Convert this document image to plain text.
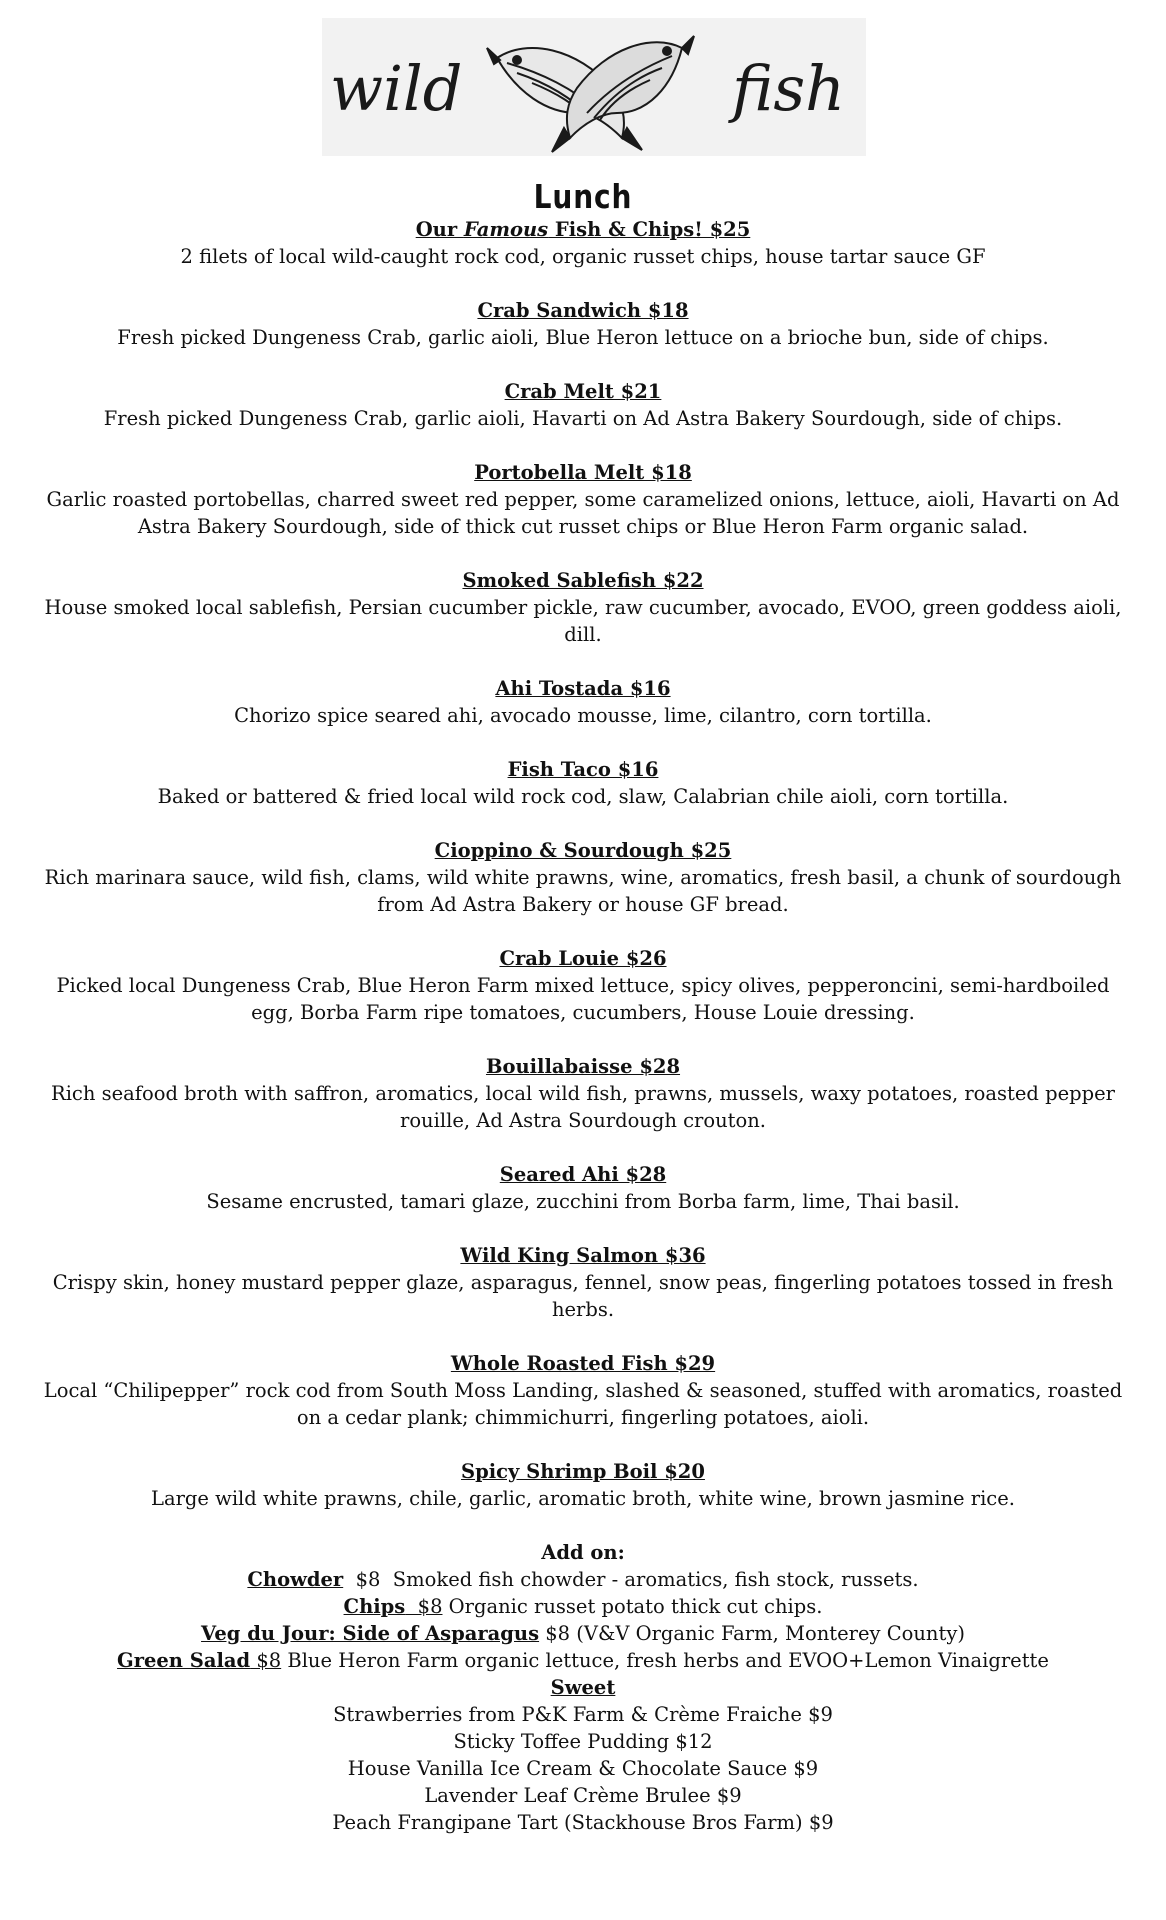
wild	fish
Lunch
Our Famous Fish & Chips! $25
2 filets of local wild-caught rock cod, organic russet chips, house tartar sauce GF
Crab Sandwich $18
Fresh picked Dungeness Crab, garlic aioli, Blue Heron lettuce on a brioche bun, side of chips.
Crab Melt $21
Fresh picked Dungeness Crab, garlic aioli, Havarti on Ad Astra Bakery Sourdough, side of chips.
Portobella Melt $18
Garlic roasted portobellas, charred sweet red pepper, some caramelized onions, lettuce, aioli, Havarti on Ad Astra Bakery Sourdough, side of thick cut russet chips or Blue Heron Farm organic salad.
Smoked Sablefish $22
House smoked local sablefish, Persian cucumber pickle, raw cucumber, avocado, EVOO, green goddess aioli, dill.
Ahi Tostada $16
Chorizo spice seared ahi, avocado mousse, lime, cilantro, corn tortilla.
Fish Taco $16
Baked or battered & fried local wild rock cod, slaw, Calabrian chile aioli, corn tortilla.
Cioppino & Sourdough $25
Rich marinara sauce, wild fish, clams, wild white prawns, wine, aromatics, fresh basil, a chunk of sourdough from Ad Astra Bakery or house GF bread.
Crab Louie $26
Picked local Dungeness Crab, Blue Heron Farm mixed lettuce, spicy olives, pepperoncini, semi-hardboiled egg, Borba Farm ripe tomatoes, cucumbers, House Louie dressing.
Bouillabaisse $28
Rich seafood broth with saffron, aromatics, local wild fish, prawns, mussels, waxy potatoes, roasted pepper rouille, Ad Astra Sourdough crouton.
Seared Ahi $28
Sesame encrusted, tamari glaze, zucchini from Borba farm, lime, Thai basil.
Wild King Salmon $36
Crispy skin, honey mustard pepper glaze, asparagus, fennel, snow peas, fingerling potatoes tossed in fresh herbs.
Whole Roasted Fish $29
Local “Chilipepper” rock cod from South Moss Landing, slashed & seasoned, stuffed with aromatics, roasted on a cedar plank; chimmichurri, fingerling potatoes, aioli.
Spicy Shrimp Boil $20
Large wild white prawns, chile, garlic, aromatic broth, white wine, brown jasmine rice.
Add on:
Chowder  $8  Smoked fish chowder - aromatics, fish stock, russets.
Chips  $8 Organic russet potato thick cut chips.
Veg du Jour: Side of Asparagus $8 (V&V Organic Farm, Monterey County)
Green Salad $8 Blue Heron Farm organic lettuce, fresh herbs and EVOO+Lemon Vinaigrette
Sweet
Strawberries from P&K Farm & Crème Fraiche $9
Sticky Toffee Pudding $12
House Vanilla Ice Cream & Chocolate Sauce $9
Lavender Leaf Crème Brulee $9
Peach Frangipane Tart (Stackhouse Bros Farm) $9
